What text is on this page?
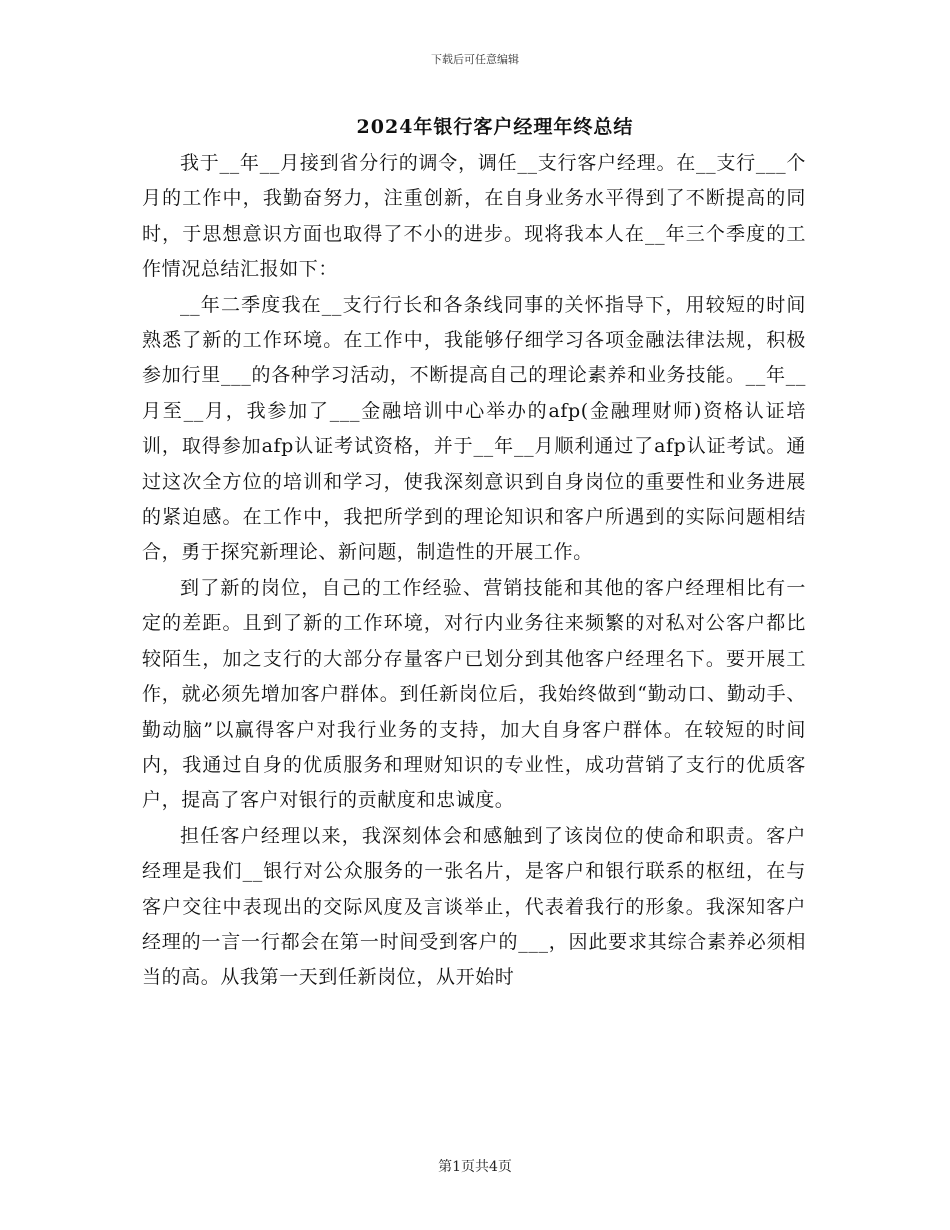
下载后可任意编辑
2024年银行客户经理年终总结

我于__年__月接到省分行的调令，调任__支行客户经理。在__支行___个月的工作中，我勤奋努力，注重创新，在自身业务水平得到了不断提高的同时，于思想意识方面也取得了不小的进步。现将我本人在__年三个季度的工作情况总结汇报如下：

__年二季度我在__支行行长和各条线同事的关怀指导下，用较短的时间熟悉了新的工作环境。在工作中，我能够仔细学习各项金融法律法规，积极参加行里___的各种学习活动，不断提高自己的理论素养和业务技能。__年__月至__月，我参加了___金融培训中心举办的afp(金融理财师)资格认证培训，取得参加afp认证考试资格，并于__年__月顺利通过了afp认证考试。通过这次全方位的培训和学习，使我深刻意识到自身岗位的重要性和业务进展的紧迫感。在工作中，我把所学到的理论知识和客户所遇到的实际问题相结合，勇于探究新理论、新问题，制造性的开展工作。

到了新的岗位，自己的工作经验、营销技能和其他的客户经理相比有一定的差距。且到了新的工作环境，对行内业务往来频繁的对私对公客户都比较陌生，加之支行的大部分存量客户已划分到其他客户经理名下。要开展工作，就必须先增加客户群体。到任新岗位后，我始终做到“勤动口、勤动手、勤动脑”以赢得客户对我行业务的支持，加大自身客户群体。在较短的时间内，我通过自身的优质服务和理财知识的专业性，成功营销了支行的优质客户，提高了客户对银行的贡献度和忠诚度。

担任客户经理以来，我深刻体会和感触到了该岗位的使命和职责。客户经理是我们__银行对公众服务的一张名片，是客户和银行联系的枢纽，在与客户交往中表现出的交际风度及言谈举止，代表着我行的形象。我深知客户经理的一言一行都会在第一时间受到客户的___，因此要求其综合素养必须相当的高。从我第一天到任新岗位，从开始时

第1页共4页
